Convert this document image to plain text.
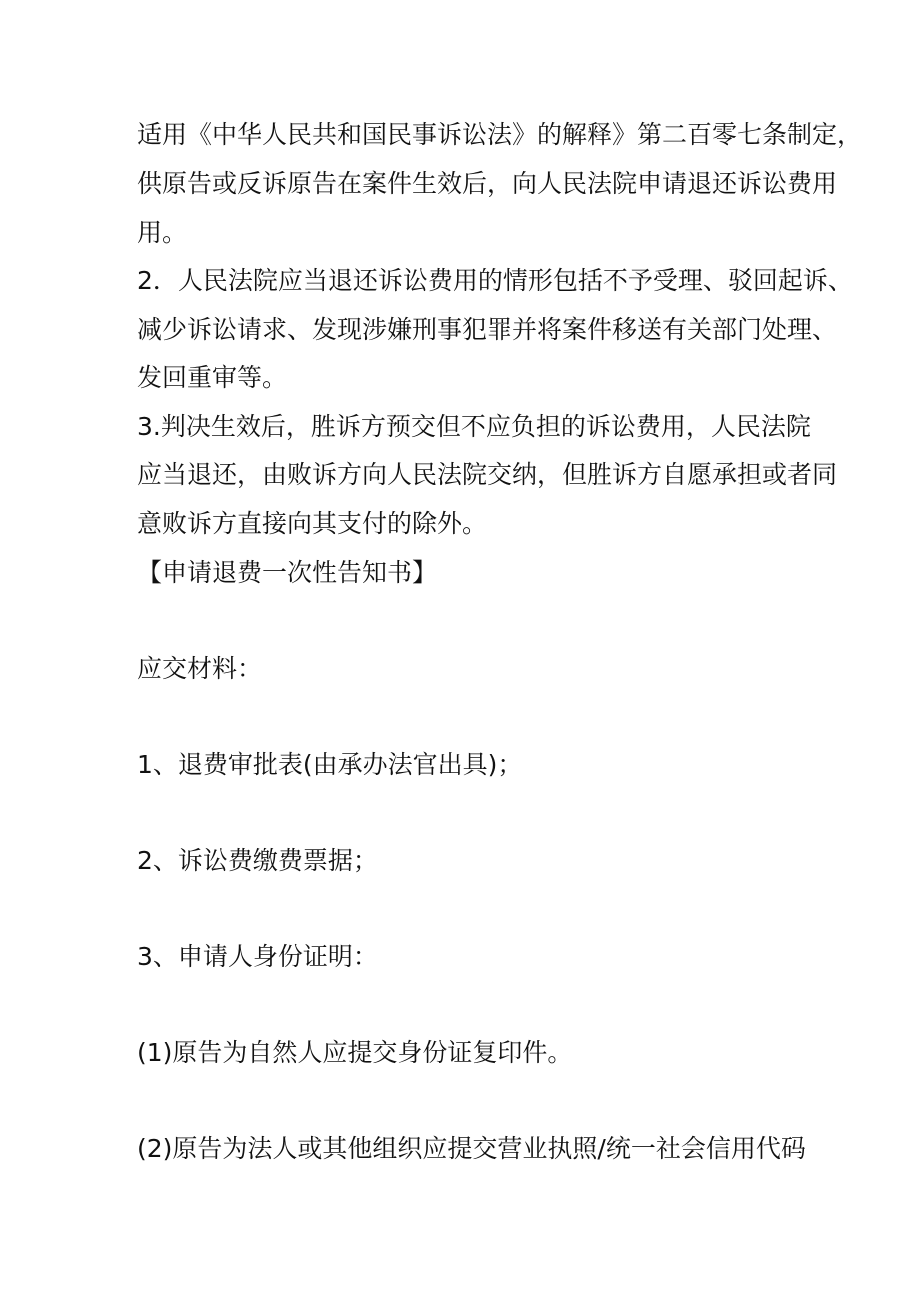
适用《中华人民共和国民事诉讼法》的解释》第二百零七条制定，
供原告或反诉原告在案件生效后，向人民法院申请退还诉讼费用
用。
2．人民法院应当退还诉讼费用的情形包括不予受理、驳回起诉、
减少诉讼请求、发现涉嫌刑事犯罪并将案件移送有关部门处理、
发回重审等。
3.判决生效后，胜诉方预交但不应负担的诉讼费用，人民法院
应当退还，由败诉方向人民法院交纳，但胜诉方自愿承担或者同
意败诉方直接向其支付的除外。
【申请退费一次性告知书】
应交材料：
1、退费审批表(由承办法官出具)；
2、诉讼费缴费票据；
3、申请人身份证明：
(1)原告为自然人应提交身份证复印件。
(2)原告为法人或其他组织应提交营业执照/统一社会信用代码
